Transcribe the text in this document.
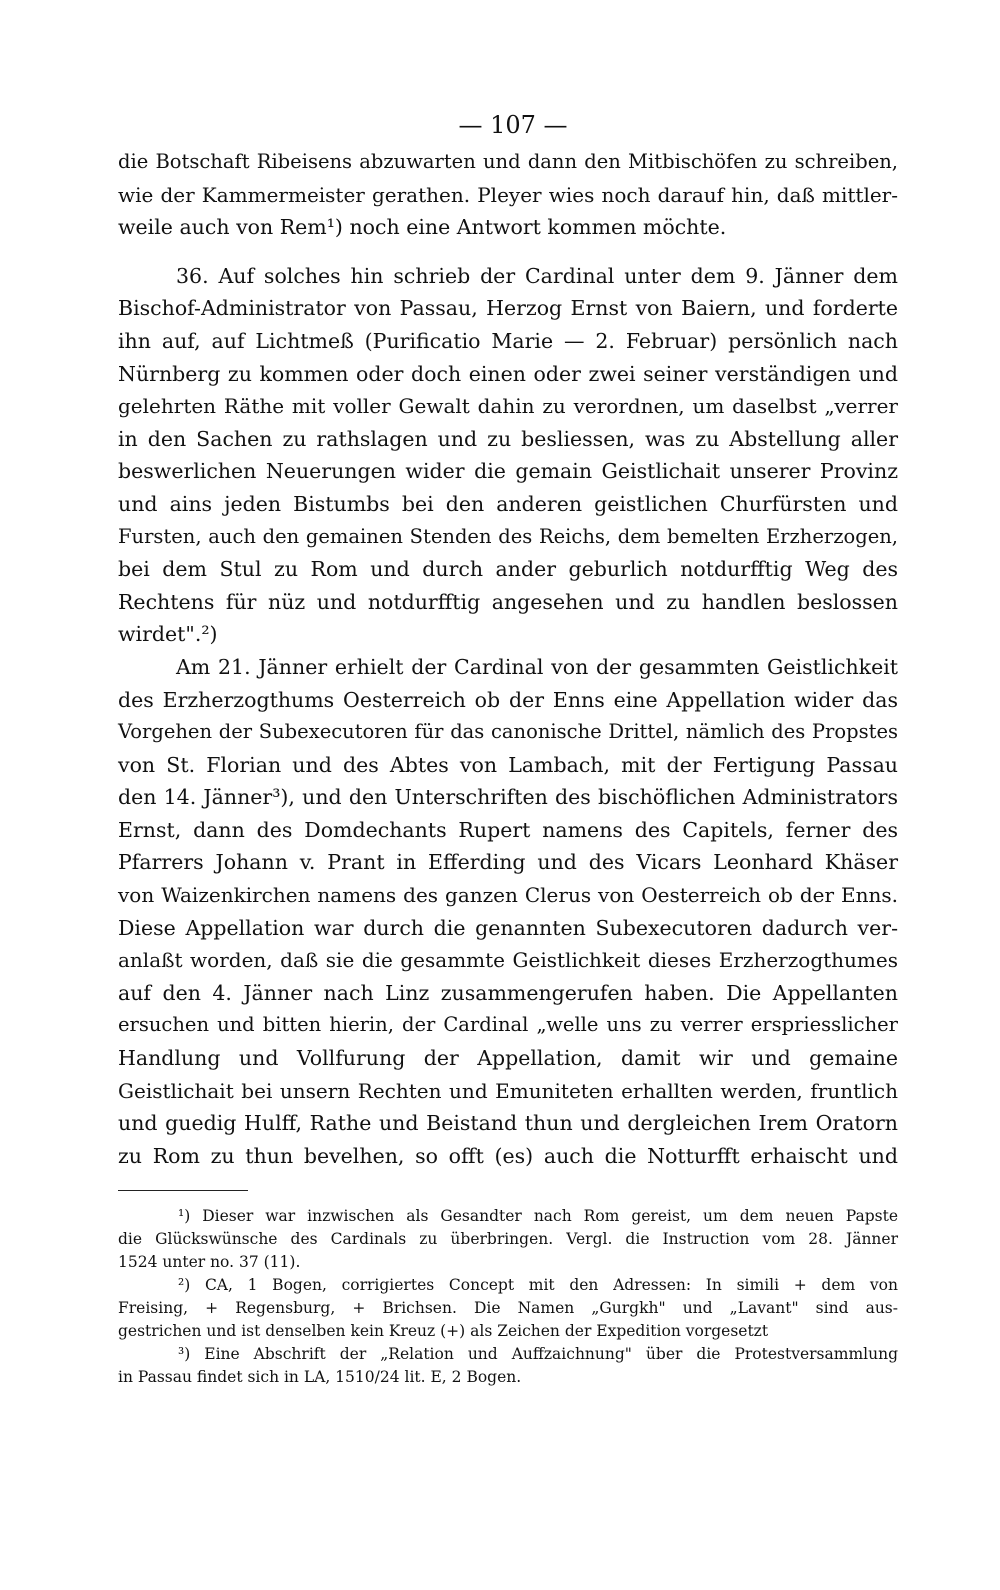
— 107 —
die Botschaft Ribeisens abzuwarten und dann den Mitbischöfen zu schreiben,
wie der Kammermeister gerathen. Pleyer wies noch darauf hin, daß mittler-
weile auch von Rem¹) noch eine Antwort kommen möchte.
36. Auf solches hin schrieb der Cardinal unter dem 9. Jänner dem
Bischof-Administrator von Passau, Herzog Ernst von Baiern, und forderte
ihn auf, auf Lichtmeß (Purificatio Marie — 2. Februar) persönlich nach
Nürnberg zu kommen oder doch einen oder zwei seiner verständigen und
gelehrten Räthe mit voller Gewalt dahin zu verordnen, um daselbst „verrer
in den Sachen zu rathslagen und zu besliessen, was zu Abstellung aller
beswerlichen Neuerungen wider die gemain Geistlichait unserer Provinz
und ains jeden Bistumbs bei den anderen geistlichen Churfürsten und
Fursten, auch den gemainen Stenden des Reichs, dem bemelten Erzherzogen,
bei dem Stul zu Rom und durch ander geburlich notdurfftig Weg des
Rechtens für nüz und notdurfftig angesehen und zu handlen beslossen
wirdet".²)
Am 21. Jänner erhielt der Cardinal von der gesammten Geistlichkeit
des Erzherzogthums Oesterreich ob der Enns eine Appellation wider das
Vorgehen der Subexecutoren für das canonische Drittel, nämlich des Propstes
von St. Florian und des Abtes von Lambach, mit der Fertigung Passau
den 14. Jänner³), und den Unterschriften des bischöflichen Administrators
Ernst, dann des Domdechants Rupert namens des Capitels, ferner des
Pfarrers Johann v. Prant in Efferding und des Vicars Leonhard Khäser
von Waizenkirchen namens des ganzen Clerus von Oesterreich ob der Enns.
Diese Appellation war durch die genannten Subexecutoren dadurch ver-
anlaßt worden, daß sie die gesammte Geistlichkeit dieses Erzherzogthumes
auf den 4. Jänner nach Linz zusammengerufen haben. Die Appellanten
ersuchen und bitten hierin, der Cardinal „welle uns zu verrer erspriesslicher
Handlung und Vollfurung der Appellation, damit wir und gemaine
Geistlichait bei unsern Rechten und Emuniteten erhallten werden, fruntlich
und guedig Hulff, Rathe und Beistand thun und dergleichen Irem Oratorn
zu Rom zu thun bevelhen, so offt (es) auch die Notturfft erhaischt und
¹) Dieser war inzwischen als Gesandter nach Rom gereist, um dem neuen Papste
die Glückswünsche des Cardinals zu überbringen. Vergl. die Instruction vom 28. Jänner
1524 unter no. 37 (11).
²) CA, 1 Bogen, corrigiertes Concept mit den Adressen: In simili + dem von
Freising, + Regensburg, + Brichsen. Die Namen „Gurgkh" und „Lavant" sind aus-
gestrichen und ist denselben kein Kreuz (+) als Zeichen der Expedition vorgesetzt
³) Eine Abschrift der „Relation und Auffzaichnung" über die Protestversammlung
in Passau findet sich in LA, 1510/24 lit. E, 2 Bogen.
